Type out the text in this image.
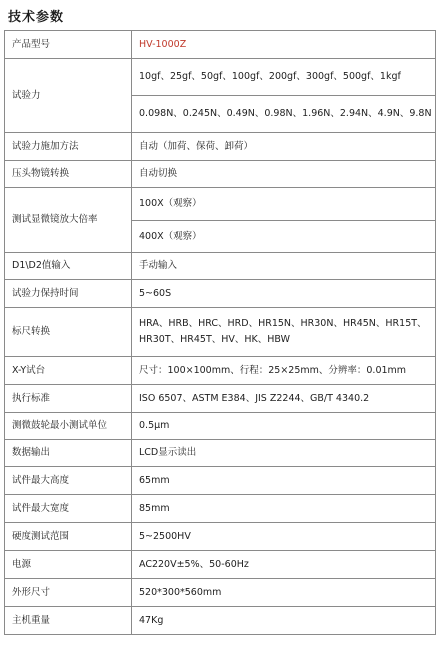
技术参数
产品型号	HV-1000Z
试验力	10gf、25gf、50gf、100gf、200gf、300gf、500gf、1kgf
0.098N、0.245N、0.49N、0.98N、1.96N、2.94N、4.9N、9.8N

试验力施加方法	自动（加荷、保荷、卸荷）
压头物镜转换	自动切换
测试显微镜放大倍率	100X（观察）
400X（观察）

D1\D2值输入	手动输入
试验力保持时间	5~60S
标尺转换	HRA、HRB、HRC、HRD、HR15N、HR30N、HR45N、HR15T、
HR30T、HR45T、HV、HK、HBW

X-Y试台	尺寸：100×100mm、行程：25×25mm、分辨率：0.01mm
执行标准	ISO 6507、ASTM E384、JIS Z2244、GB/T 4340.2
测微鼓轮最小测试单位	0.5μm
数据输出	LCD显示读出
试件最大高度	65mm
试件最大宽度	85mm
硬度测试范围	5~2500HV
电源	AC220V±5%、50-60Hz
外形尺寸	520*300*560mm
主机重量	47Kg
